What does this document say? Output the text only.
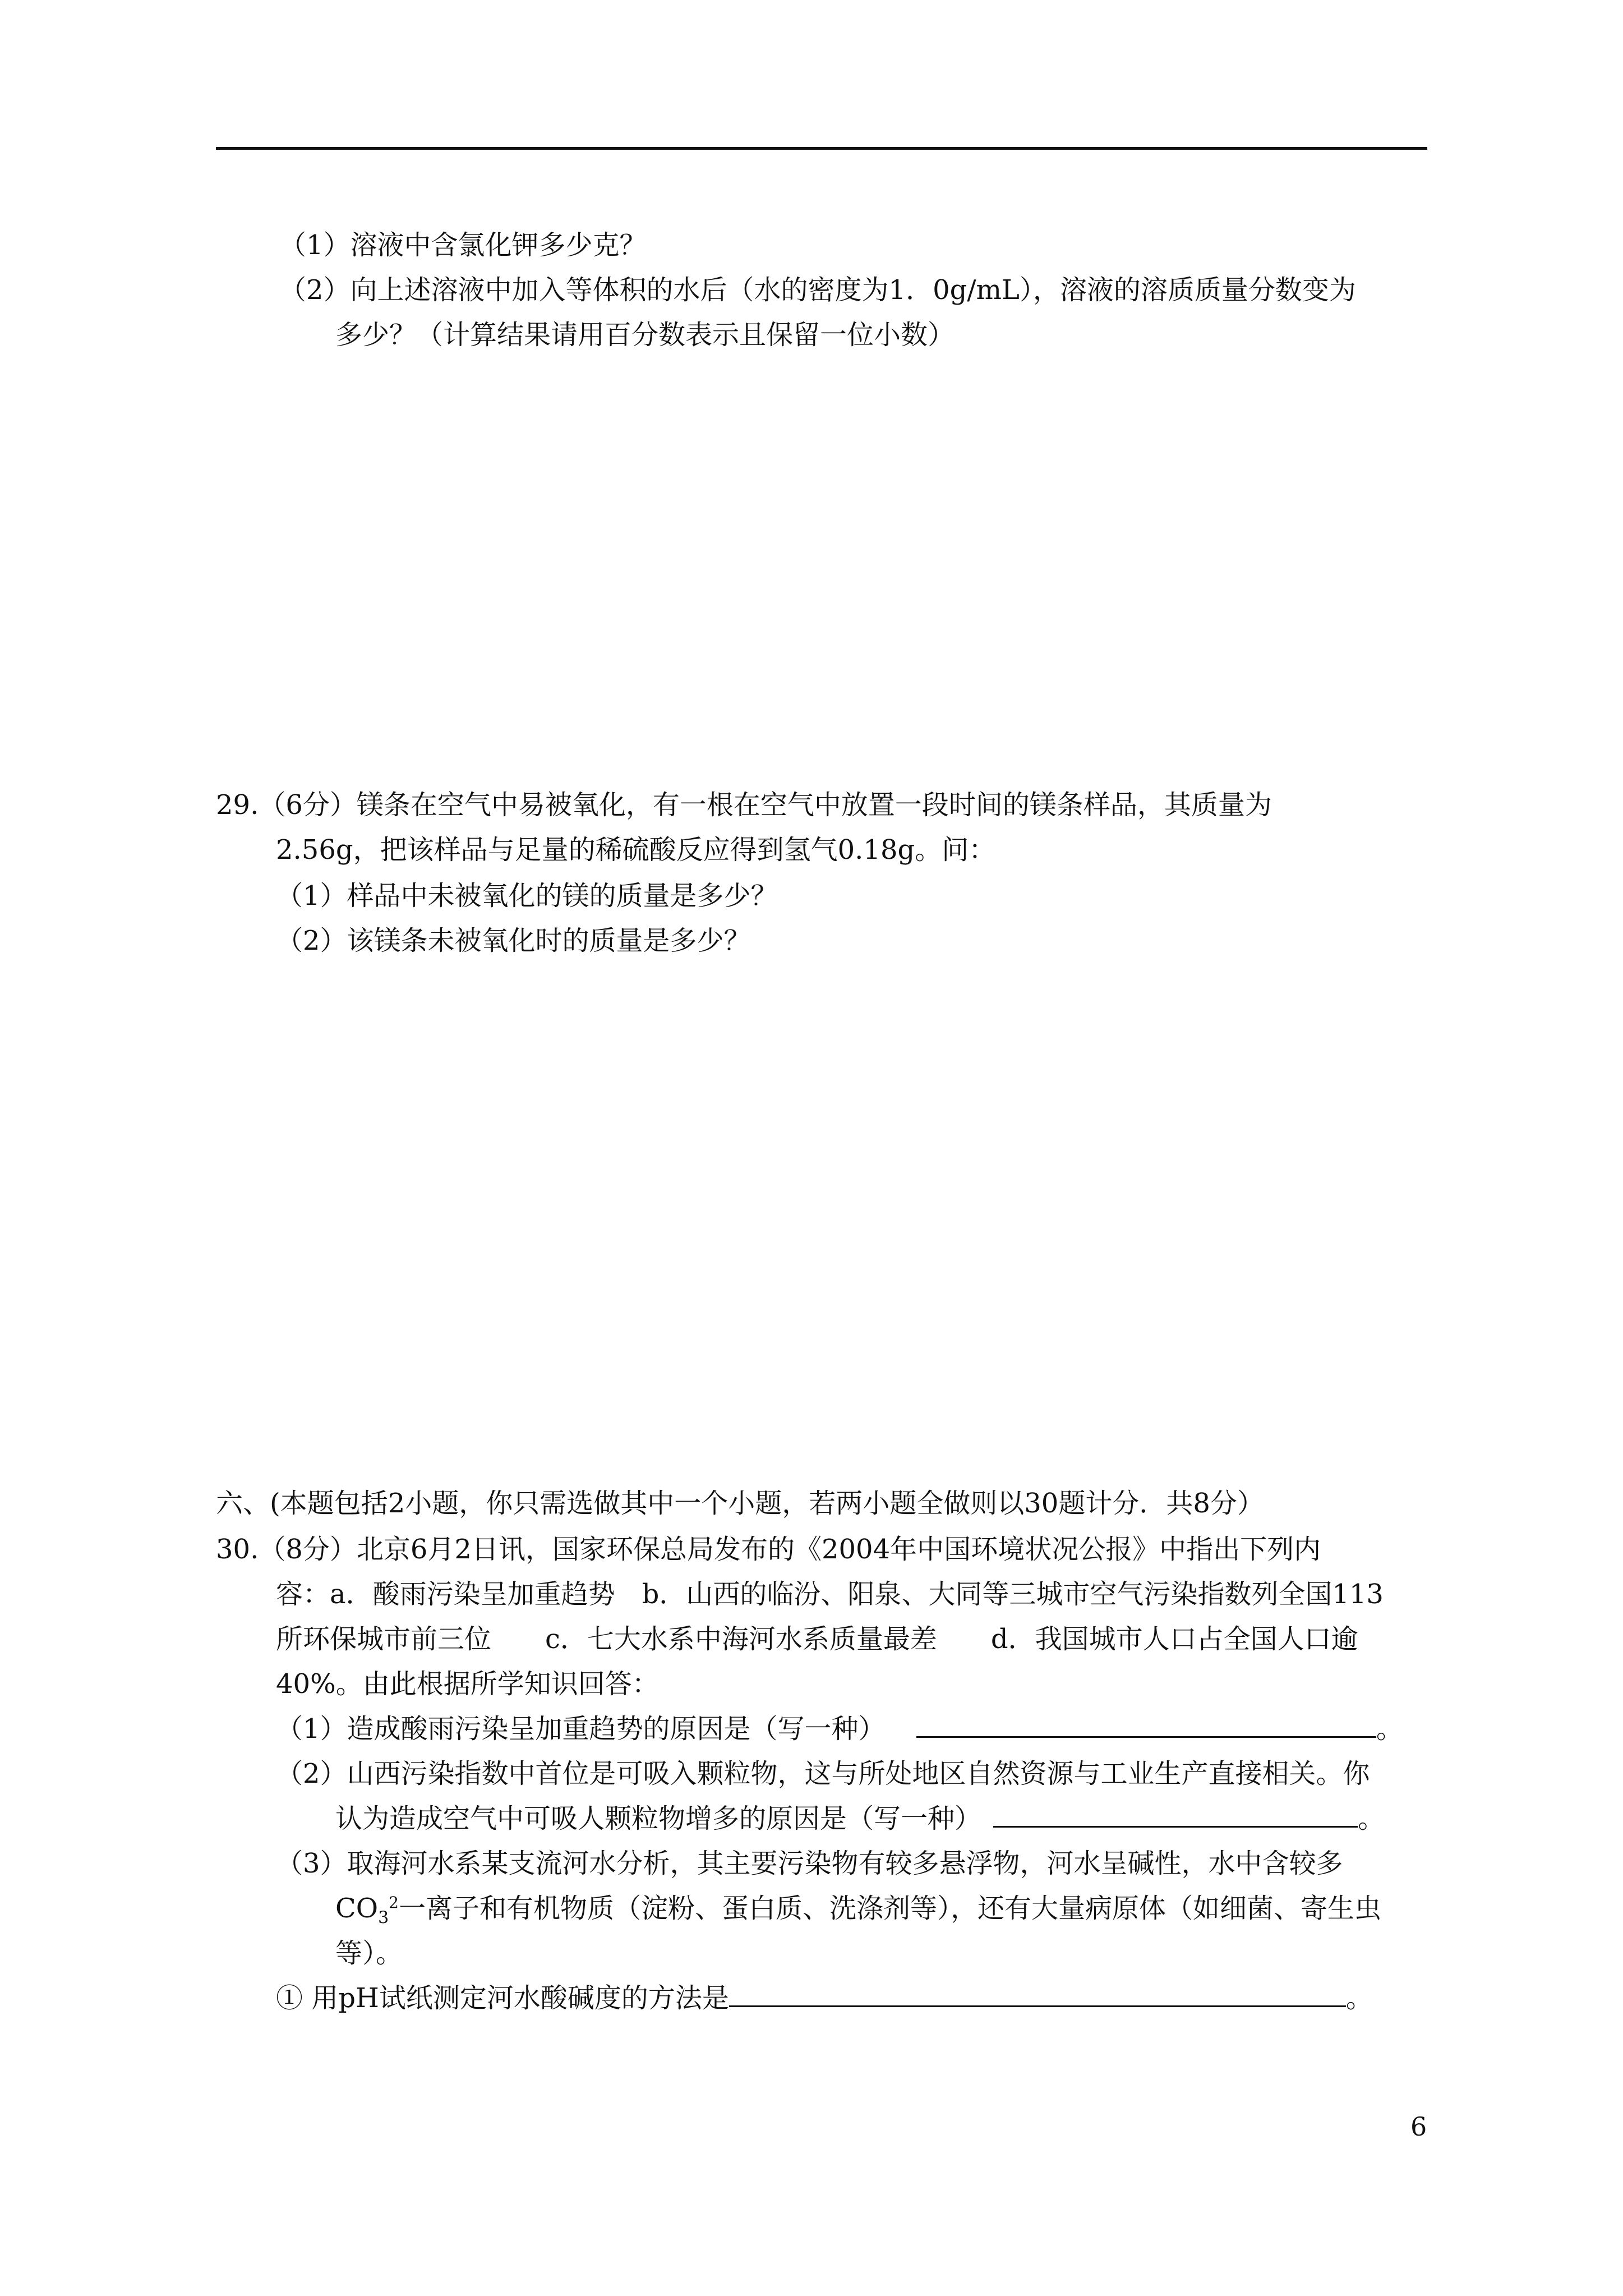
（1）溶液中含氯化钾多少克？
（2）向上述溶液中加入等体积的水后（水的密度为1．0g/mL），溶液的溶质质量分数变为
多少？（计算结果请用百分数表示且保留一位小数）
29.（6分）镁条在空气中易被氧化，有一根在空气中放置一段时间的镁条样品，其质量为
2.56g，把该样品与足量的稀硫酸反应得到氢气0.18g。问：
（1）样品中未被氧化的镁的质量是多少？
（2）该镁条未被氧化时的质量是多少？
六、(本题包括2小题，你只需选做其中一个小题，若两小题全做则以30题计分．共8分）
30.（8分）北京6月2日讯，国家环保总局发布的《2004年中国环境状况公报》中指出下列内
容：a．酸雨污染呈加重趋势　b．山西的临汾、阳泉、大同等三城市空气污染指数列全国113
所环保城市前三位　　c．七大水系中海河水系质量最差　　d．我国城市人口占全国人口逾
40%。由此根据所学知识回答：
（1）造成酸雨污染呈加重趋势的原因是（写一种）	。
（2）山西污染指数中首位是可吸入颗粒物，这与所处地区自然资源与工业生产直接相关。你
认为造成空气中可吸人颗粒物增多的原因是（写一种）	。
（3）取海河水系某支流河水分析，其主要污染物有较多悬浮物，河水呈碱性，水中含较多
$CO_3^2$一离子和有机物质（淀粉、蛋白质、洗涤剂等），还有大量病原体（如细菌、寄生虫
等）。
① 用pH试纸测定河水酸碱度的方法是	。
6
